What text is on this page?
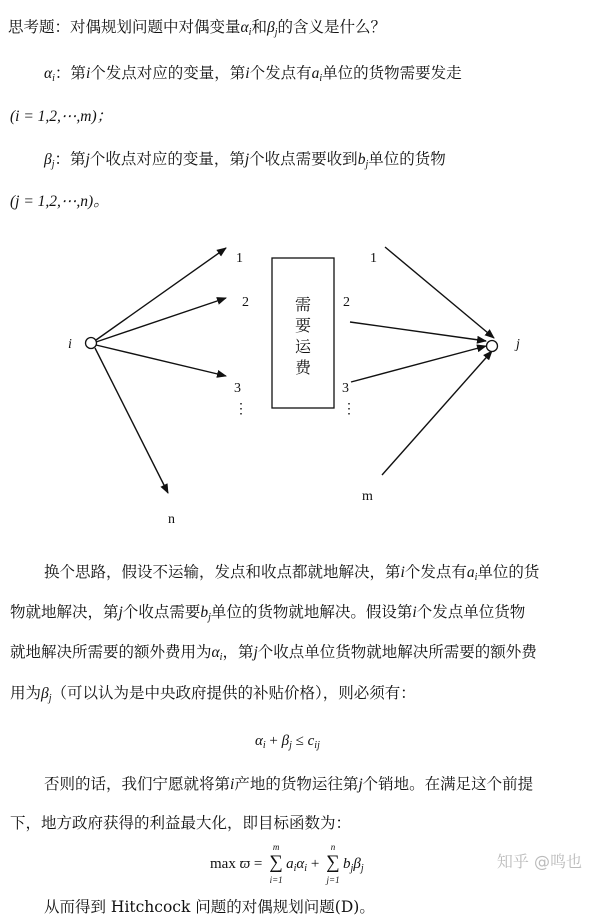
思考题：对偶规划问题中对偶变量$\alpha_i$和$\beta_j$的含义是什么？
$\alpha_i$：第i个发点对应的变量，第i个发点有$a_i$单位的货物需要发走
(i = 1,2,⋯,m)；
$\beta_j$：第j个收点对应的变量，第j个收点需要收到$b_j$单位的货物
(j = 1,2,⋯,n)。
i
1
2
3
⋮
n
1
2
3
⋮
m
j
需
要
运
费
换个思路，假设不运输，发点和收点都就地解决，第i个发点有$a_i$单位的货
物就地解决，第j个收点需要$b_j$单位的货物就地解决。假设第i个发点单位货物
就地解决所需要的额外费用为$\alpha_i$，第j个收点单位货物就地解决所需要的额外费
用为$\beta_j$（可以认为是中央政府提供的补贴价格），则必须有：
$\alpha_i + \beta_j \le c_{ij}$
否则的话，我们宁愿就将第i产地的货物运往第j个销地。在满足这个前提
下，地方政府获得的利益最大化，即目标函数为：
max ϖ =
m
∑
i=1
$a_i\alpha_i$ +
n
∑
j=1
$b_j\beta_j$
从而得到 Hitchcock 问题的对偶规划问题(D)。
知乎 @鸣也
